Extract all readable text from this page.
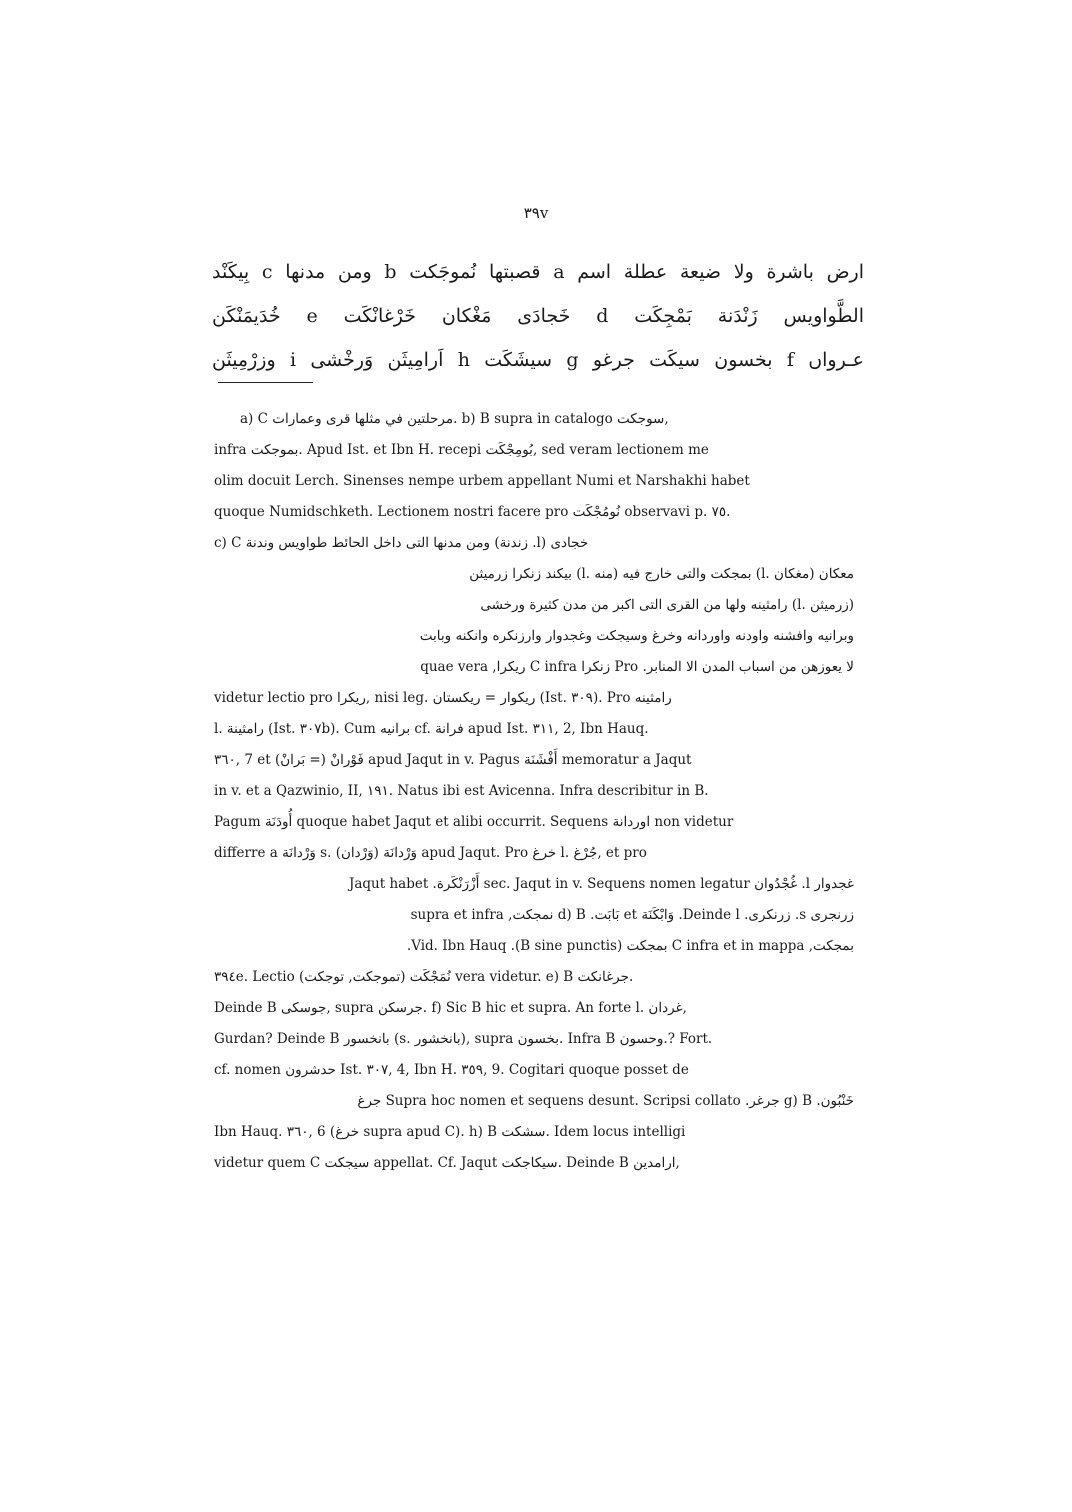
٣٩v
ارض باشرة ولا ضيعة عطلة اسم a قصبتها نُموجَكت b ومن مدنها c بِيكَنْد
الطَّواويس زَنْدَنة بَمْجِكَت d خَجادَى مَغْكان خَرْغانْكَت e خُدَيمَنْكَن
عـرواں f بخسون سيكَت جرغو g سيشَكَت h اَرامِيثَن وَرخْشى i وزرْمِيثَن
a) C ‎مرحلتين في مثلها قرى وعمارات. ‎b) B supra in catalogo سوجكت,
infra بموجكت. Apud Ist. et Ibn H. recepi بُومِجْكَت, sed veram lectionem me
olim docuit Lerch. Sinenses nempe urbem appellant Numi et Narshakhi habet
quoque Numidschketh. Lectionem nostri facere pro نُومُجْكَت observavi p. ٧٥.
c) C ومن مدنها التى داخل الحائط طواويس وندنة (زندنة .l) خجادى
معكان (مغكان .l) بمجكت والتى خارج فيه (منه .l) بيكند زنكرا زرميثن
(زرميثن .l) رامثينه ولها من القرى التى اكبر من مدن كثيرة ورخشى
وبرانيه وافشنه واودنه واوردانه وخرغ وسيجكت وغجدوار وارزنكره وانكنه وبابت
لا يعوزهن من اسباب المدن الا المنابر. Pro زنكرا C infra ريكرا, quae vera
videtur lectio pro ريكرا, nisi leg. ريكوار = ريكستان (Ist. ٣٠٩). Pro رامثينه
l. رامثينة (Ist. ٣٠٧b). Cum برانيه cf. فرانة apud Ist. ٣١١, 2, Ibn Hauq.
٣٦٠, 7 et فَوْرانْ (= بَرانْ) apud Jaqut in v. Pagus أَفْشَنَة memoratur a Jaqut
in v. et a Qazwinio, II, ١٩١. Natus ibi est Avicenna. Infra describitur in B.
Pagum أُودَنَة quoque habet Jaqut et alibi occurrit. Sequens اوردانة non videtur
differre a وَرْدانَة s. وَرْدانَة (وَرْدان) apud Jaqut. Pro خرغ l. جُرْغ, et pro
غجدوار l. غُجْدُوان sec. Jaqut in v. Sequens nomen legatur أَزْرَنْكَرة. Jaqut habet
زرنجرى s. زرنكرى. Deinde l. وَابْكَنَة et بَابَت. d) B نمجكت, supra et infra
بمجكت, C infra et in mappa بمجكت (B sine punctis). Vid. Ibn Hauq.
٣٩٤e. Lectio نُمَجْكَت (تموجكت, توجكت) vera videtur. e) B جرغانكت.
Deinde B جوسكى, supra جرسكن. f) Sic B hic et supra. An forte l. غردان,
Gurdan? Deinde B بانخسور (s. بانخشور), supra بخسون. Infra B وحسون.? Fort.
cf. nomen حدشرون Ist. ٣٠٧, 4, Ibn H. ٣٥٩, 9. Cogitari quoque posset de
خَنْبُون. g) B جرغر. Supra hoc nomen et sequens desunt. Scripsi collato جرغ
Ibn Hauq. ٣٦٠, 6 (خرغ supra apud C). h) B سشكت. Idem locus intelligi
videtur quem C سيجكت appellat. Cf. Jaqut سيكاجكت. Deinde B ارامدين,
